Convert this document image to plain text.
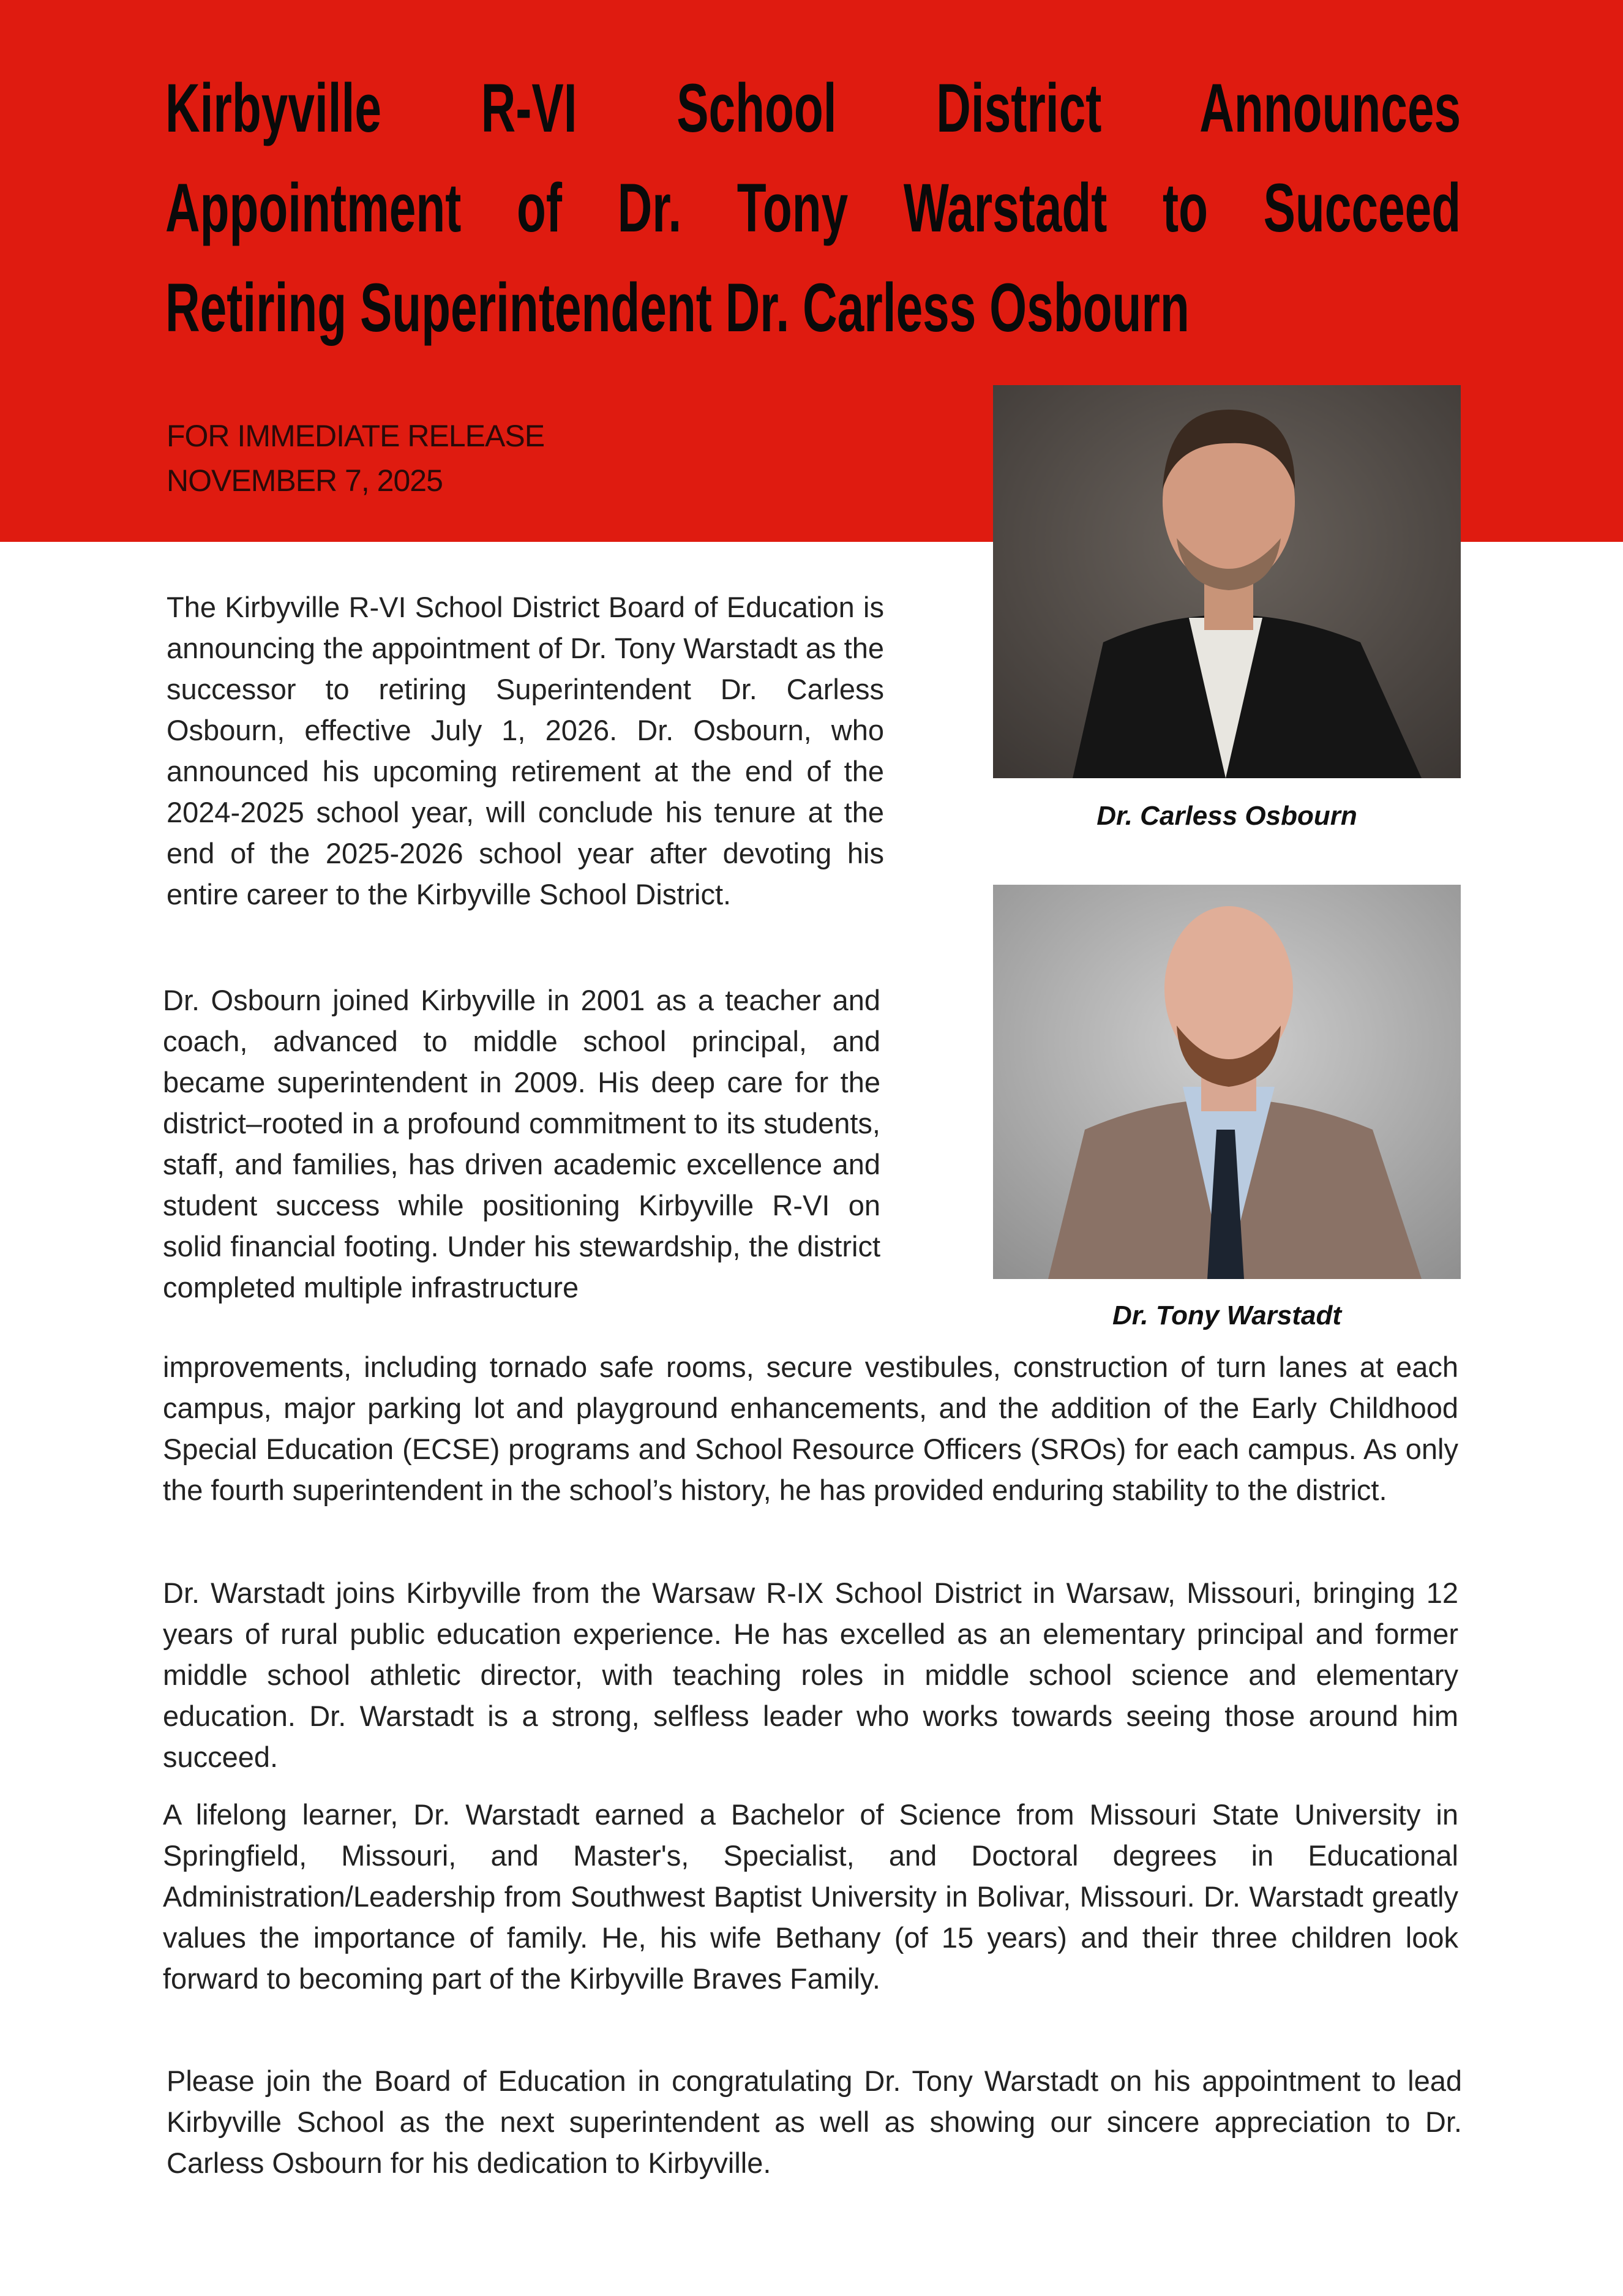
Kirbyville R-VI School District Announces
Appointment of Dr. Tony Warstadt to Succeed
Retiring Superintendent Dr. Carless Osbourn
FOR IMMEDIATE RELEASE
NOVEMBER 7, 2025
Dr. Carless Osbourn
Dr. Tony Warstadt

The Kirbyville R-VI School District Board of Education is announcing the appointment of Dr. Tony Warstadt as the successor to retiring Superintendent Dr. Carless Osbourn, effective July 1, 2026. Dr. Osbourn, who announced his upcoming retirement at the end of the 2024-2025 school year, will conclude his tenure at the end of the 2025-2026 school year after devoting his entire career to the Kirbyville School District.

Dr. Osbourn joined Kirbyville in 2001 as a teacher and coach, advanced to middle school principal, and became superintendent in 2009. His deep care for the district–rooted in a profound commitment to its students, staff, and families, has driven academic excellence and student success while positioning Kirbyville R-VI on solid financial footing. Under his stewardship, the district completed multiple infrastructure

improvements, including tornado safe rooms, secure vestibules, construction of turn lanes at each campus, major parking lot and playground enhancements, and the addition of the Early Childhood Special Education (ECSE) programs and School Resource Officers (SROs) for each campus. As only the fourth superintendent in the school’s history, he has provided enduring stability to the district.

Dr. Warstadt joins Kirbyville from the Warsaw R-IX School District in Warsaw, Missouri, bringing 12 years of rural public education experience. He has excelled as an elementary principal and former middle school athletic director, with teaching roles in middle school science and elementary education. Dr. Warstadt is a strong, selfless leader who works towards seeing those around him succeed.

A lifelong learner, Dr. Warstadt earned a Bachelor of Science from Missouri State University in Springfield, Missouri, and Master's, Specialist, and Doctoral degrees in Educational Administration/Leadership from Southwest Baptist University in Bolivar, Missouri. Dr. Warstadt greatly values the importance of family. He, his wife Bethany (of 15 years) and their three children look forward to becoming part of the Kirbyville Braves Family.

Please join the Board of Education in congratulating Dr. Tony Warstadt on his appointment to lead Kirbyville School as the next superintendent as well as showing our sincere appreciation to Dr. Carless Osbourn for his dedication to Kirbyville.
